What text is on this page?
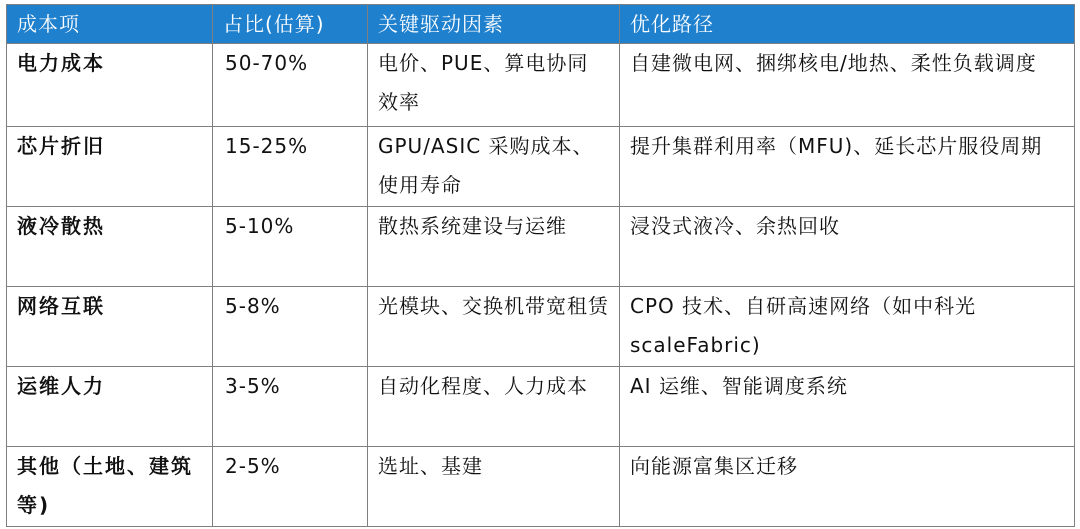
成本项	占比(估算)	关键驱动因素	优化路径
电力成本	50-70%	电价、PUE、算电协同效率	自建微电网、捆绑核电/地热、柔性负载调度
芯片折旧	15-25%	GPU/ASIC 采购成本、使用寿命	提升集群利用率（MFU)、延长芯片服役周期
液冷散热	5-10%	散热系统建设与运维	浸没式液冷、余热回收
网络互联	5-8%	光模块、交换机带宽租赁	CPO 技术、自研高速网络（如中科光 scaleFabric)
运维人力	3-5%	自动化程度、人力成本	AI 运维、智能调度系统
其他（土地、建筑等)	2-5%	选址、基建	向能源富集区迁移
